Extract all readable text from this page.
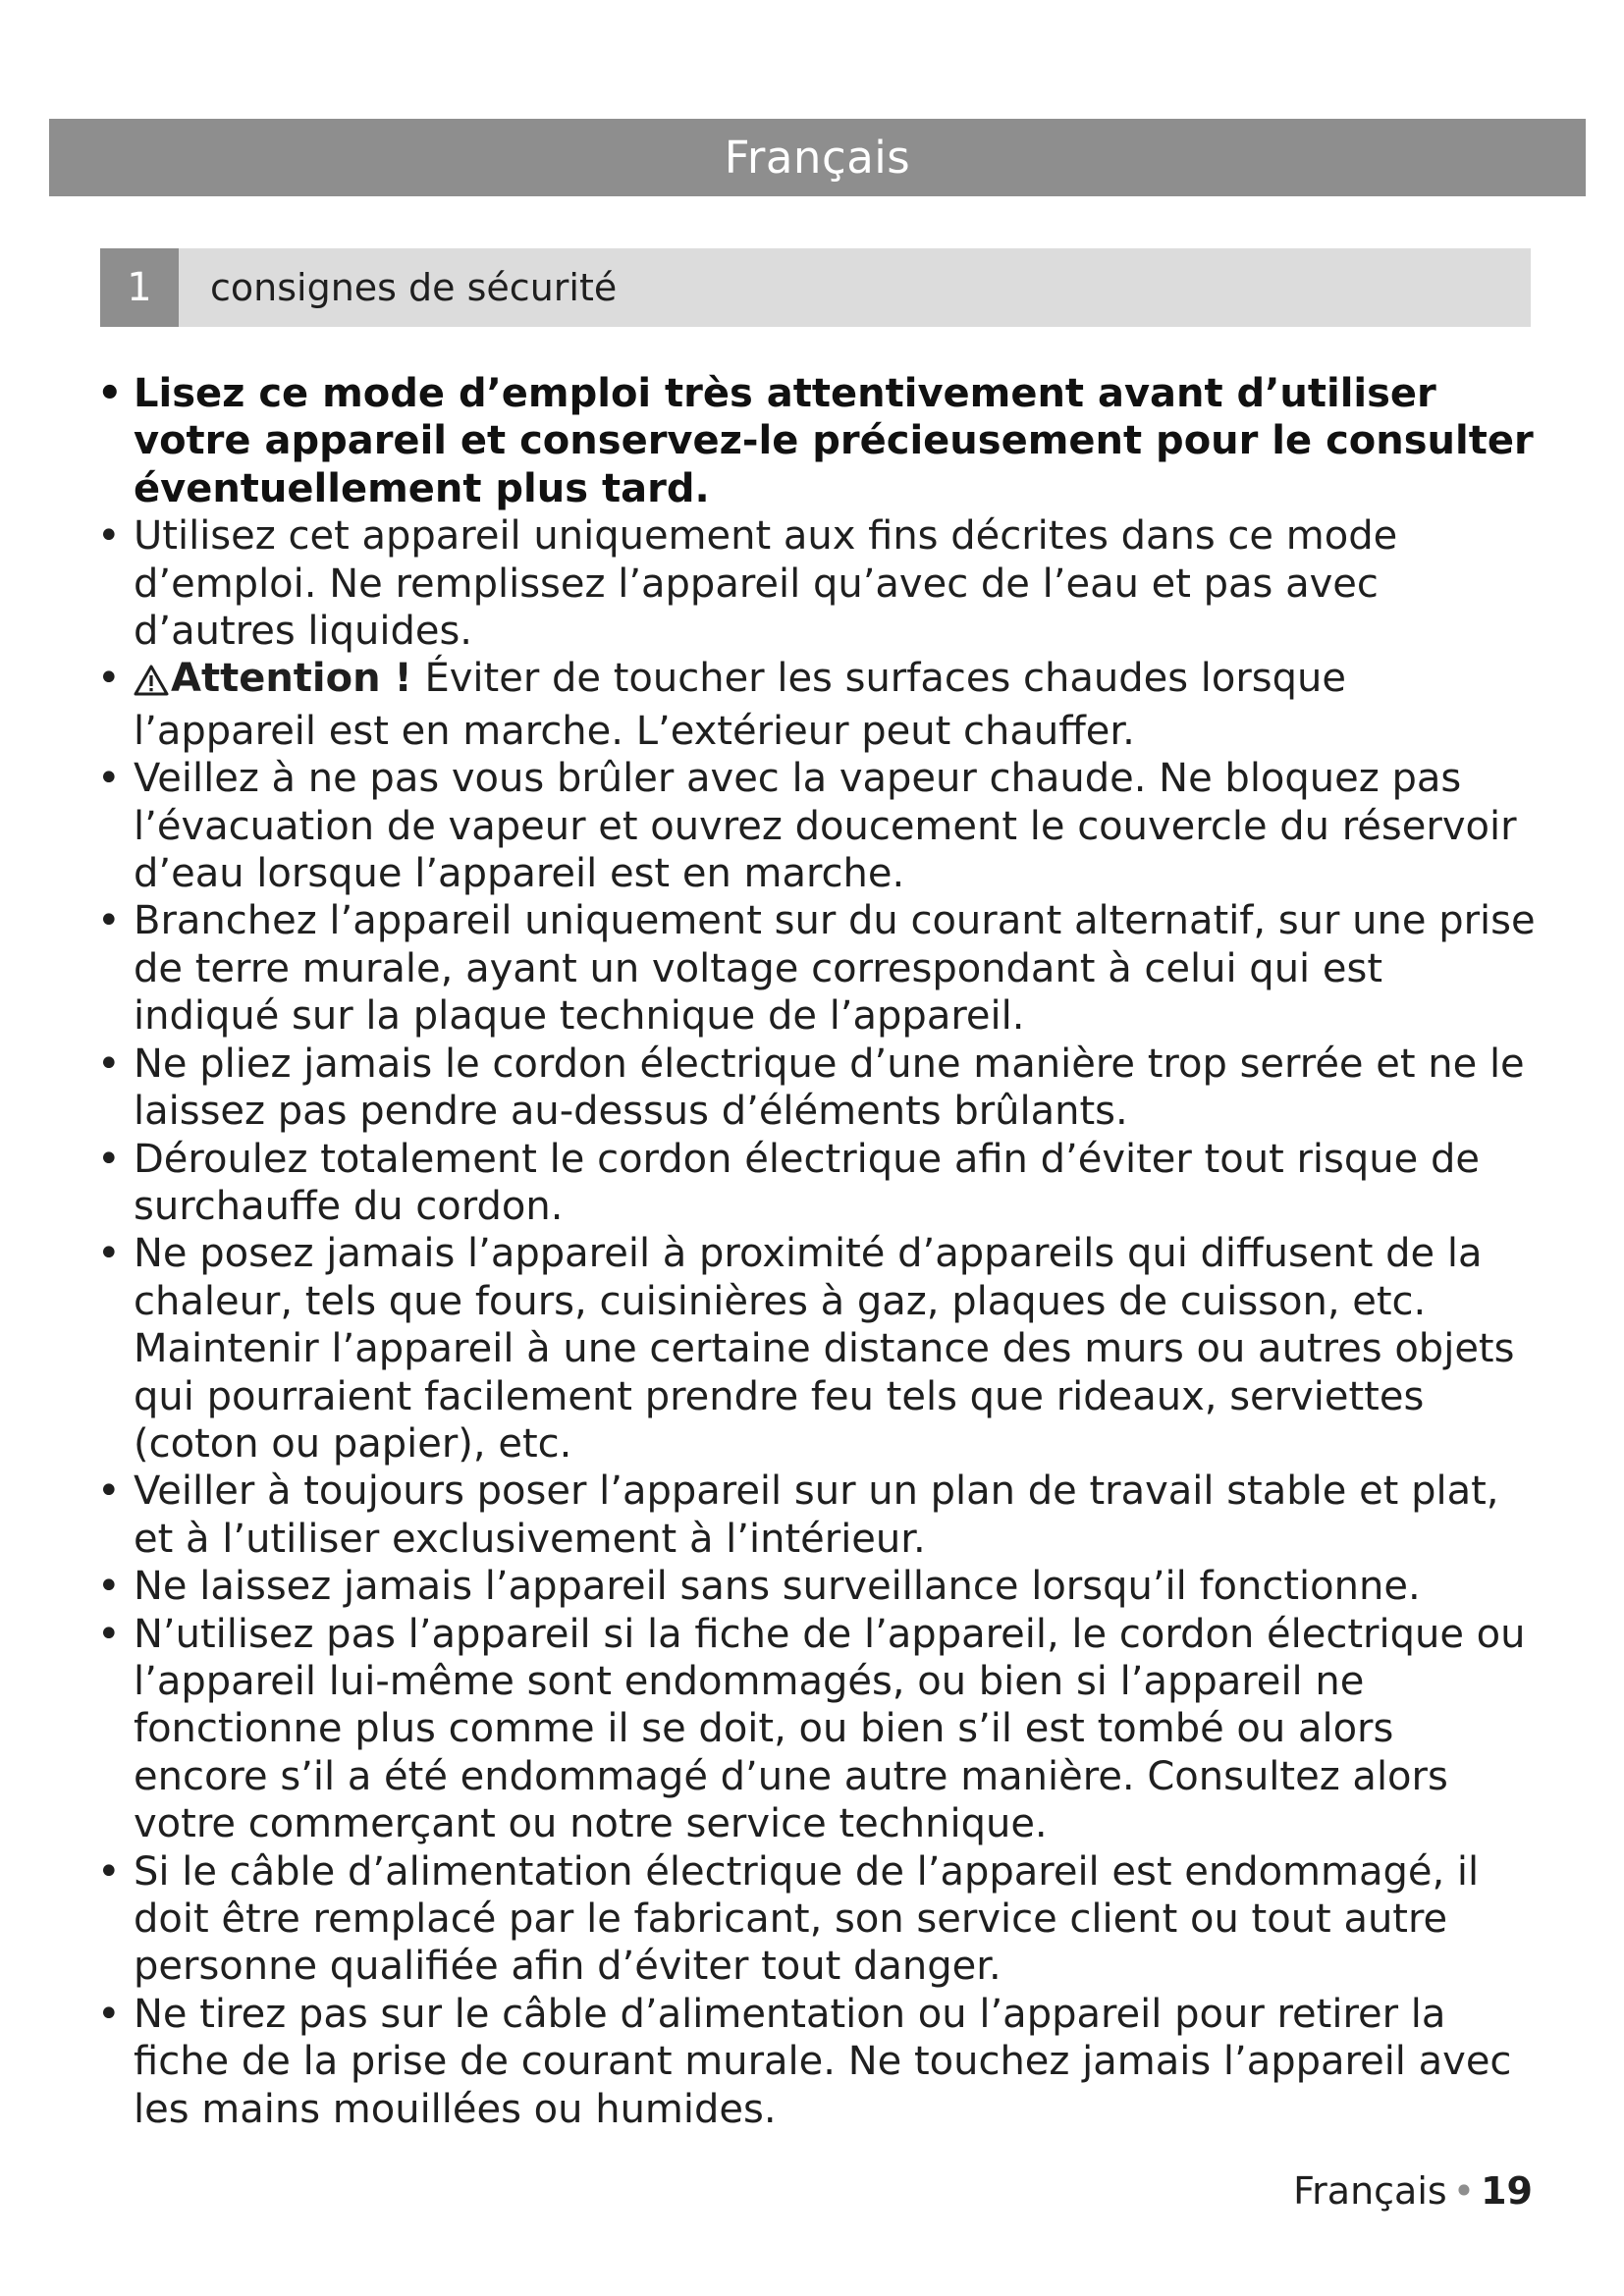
Français
1	consignes de sécurité
• Lisez ce mode d’emploi très attentivement avant d’utiliser votre appareil et conservez-le précieusement pour le consulter éventuellement plus tard.
• Utilisez cet appareil uniquement aux fins décrites dans ce mode d’emploi. Ne remplissez l’appareil qu’avec de l’eau et pas avec d’autres liquides.
• Attention ! Éviter de toucher les surfaces chaudes lorsque l’appareil est en marche. L’extérieur peut chauffer.
• Veillez à ne pas vous brûler avec la vapeur chaude. Ne bloquez pas l’évacuation de vapeur et ouvrez doucement le couvercle du réservoir d’eau lorsque l’appareil est en marche.
• Branchez l’appareil uniquement sur du courant alternatif, sur une prise de terre murale, ayant un voltage correspondant à celui qui est indiqué sur la plaque technique de l’appareil.
• Ne pliez jamais le cordon électrique d’une manière trop serrée et ne le laissez pas pendre au-dessus d’éléments brûlants.
• Déroulez totalement le cordon électrique afin d’éviter tout risque de surchauffe du cordon.
• Ne posez jamais l’appareil à proximité d’appareils qui diffusent de la chaleur, tels que fours, cuisinières à gaz, plaques de cuisson, etc. Maintenir l’appareil à une certaine distance des murs ou autres objets qui pourraient facilement prendre feu tels que rideaux, serviettes (coton ou papier), etc.
• Veiller à toujours poser l’appareil sur un plan de travail stable et plat, et à l’utiliser exclusivement à l’intérieur.
• Ne laissez jamais l’appareil sans surveillance lorsqu’il fonctionne.
• N’utilisez pas l’appareil si la fiche de l’appareil, le cordon électrique ou l’appareil lui-même sont endommagés, ou bien si l’appareil ne fonctionne plus comme il se doit, ou bien s’il est tombé ou alors encore s’il a été endommagé d’une autre manière. Consultez alors votre commerçant ou notre service technique.
• Si le câble d’alimentation électrique de l’appareil est endommagé, il doit être remplacé par le fabricant, son service client ou tout autre personne qualifiée afin d’éviter tout danger.
• Ne tirez pas sur le câble d’alimentation ou l’appareil pour retirer la fiche de la prise de courant murale. Ne touchez jamais l’appareil avec les mains mouillées ou humides.
Français • 19
